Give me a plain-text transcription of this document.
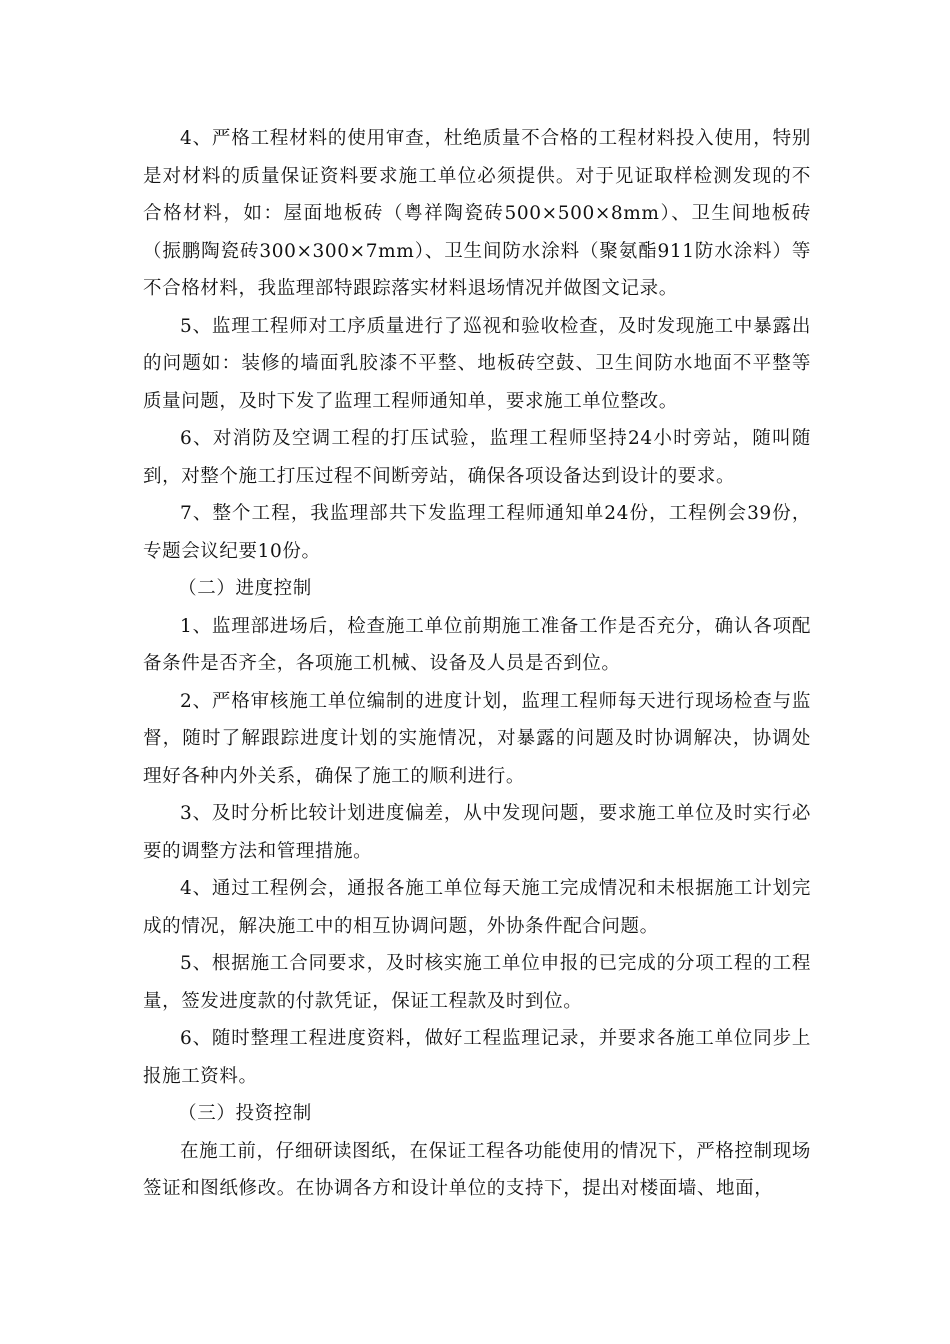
4、严格工程材料的使用审查，杜绝质量不合格的工程材料投入使用，特别是对材料的质量保证资料要求施工单位必须提供。对于见证取样检测发现的不合格材料，如：屋面地板砖（粤祥陶瓷砖500×500×8mm）、卫生间地板砖（振鹏陶瓷砖300×300×7mm）、卫生间防水涂料（聚氨酯911防水涂料）等不合格材料，我监理部特跟踪落实材料退场情况并做图文记录。

5、监理工程师对工序质量进行了巡视和验收检查，及时发现施工中暴露出的问题如：装修的墙面乳胶漆不平整、地板砖空鼓、卫生间防水地面不平整等质量问题，及时下发了监理工程师通知单，要求施工单位整改。

6、对消防及空调工程的打压试验，监理工程师坚持24小时旁站，随叫随到，对整个施工打压过程不间断旁站，确保各项设备达到设计的要求。

7、整个工程，我监理部共下发监理工程师通知单24份，工程例会39份，专题会议纪要10份。

（二）进度控制

1、监理部进场后，检查施工单位前期施工准备工作是否充分，确认各项配备条件是否齐全，各项施工机械、设备及人员是否到位。

2、严格审核施工单位编制的进度计划，监理工程师每天进行现场检查与监督，随时了解跟踪进度计划的实施情况，对暴露的问题及时协调解决，协调处理好各种内外关系，确保了施工的顺利进行。

3、及时分析比较计划进度偏差，从中发现问题，要求施工单位及时实行必要的调整方法和管理措施。

4、通过工程例会，通报各施工单位每天施工完成情况和未根据施工计划完成的情况，解决施工中的相互协调问题，外协条件配合问题。

5、根据施工合同要求，及时核实施工单位申报的已完成的分项工程的工程量，签发进度款的付款凭证，保证工程款及时到位。

6、随时整理工程进度资料，做好工程监理记录，并要求各施工单位同步上报施工资料。

（三）投资控制

在施工前，仔细研读图纸，在保证工程各功能使用的情况下，严格控制现场签证和图纸修改。在协调各方和设计单位的支持下，提出对楼面墙、地面，
